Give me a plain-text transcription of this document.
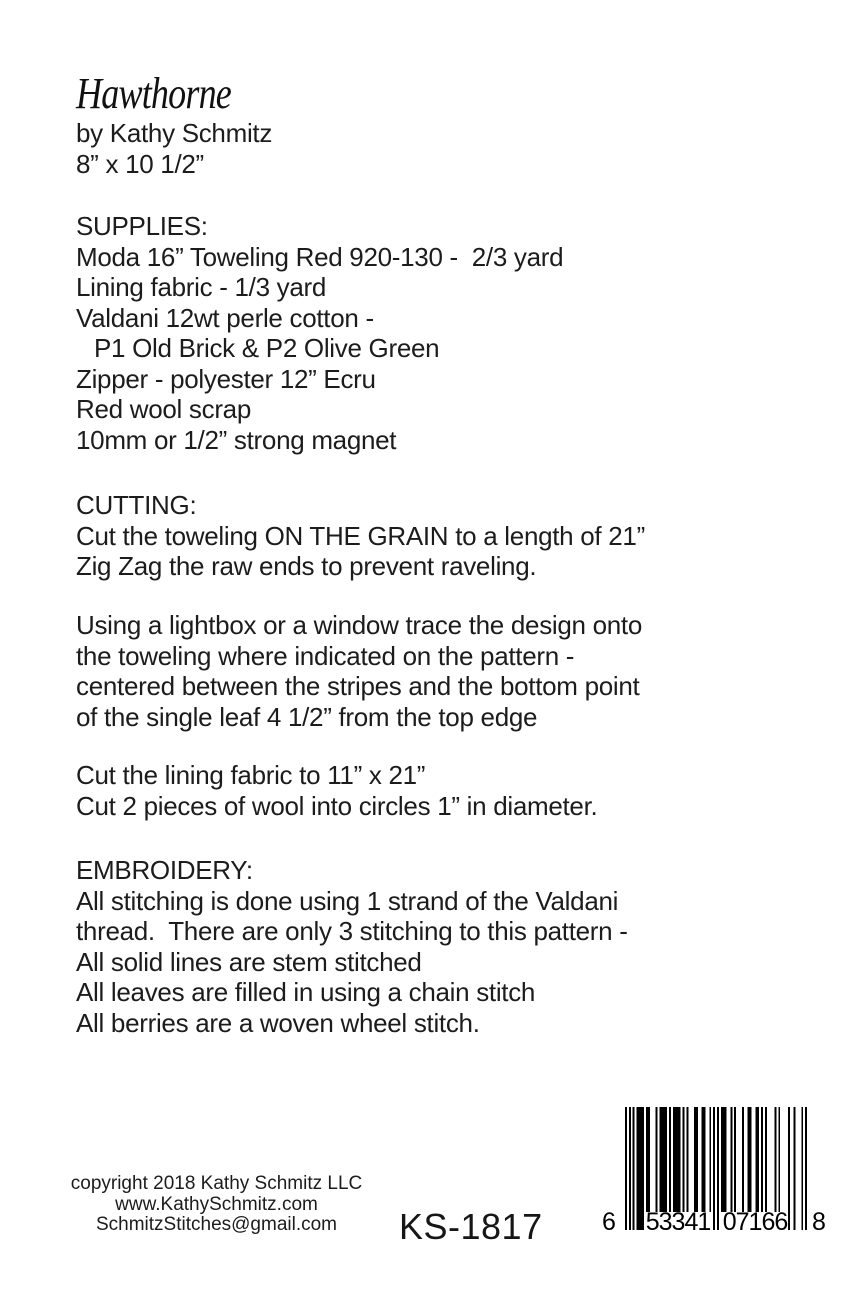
Hawthorne
by Kathy Schmitz
8” x 10 1/2”
SUPPLIES:
Moda 16” Toweling Red 920-130 -  2/3 yard
Lining fabric - 1/3 yard
Valdani 12wt perle cotton -
P1 Old Brick & P2 Olive Green
Zipper - polyester 12” Ecru
Red wool scrap
10mm or 1/2” strong magnet
CUTTING:
Cut the toweling ON THE GRAIN to a length of 21”
Zig Zag the raw ends to prevent raveling.
Using a lightbox or a window trace the design onto
the toweling where indicated on the pattern -
centered between the stripes and the bottom point
of the single leaf 4 1/2” from the top edge
Cut the lining fabric to 11” x 21”
Cut 2 pieces of wool into circles 1” in diameter.
EMBROIDERY:
All stitching is done using 1 strand of the Valdani
thread.  There are only 3 stitching to this pattern -
All solid lines are stem stitched
All leaves are filled in using a chain stitch
All berries are a woven wheel stitch.
copyright 2018 Kathy Schmitz LLC
www.KathySchmitz.com
SchmitzStitches@gmail.com	KS-1817 6 53341 07166 8
